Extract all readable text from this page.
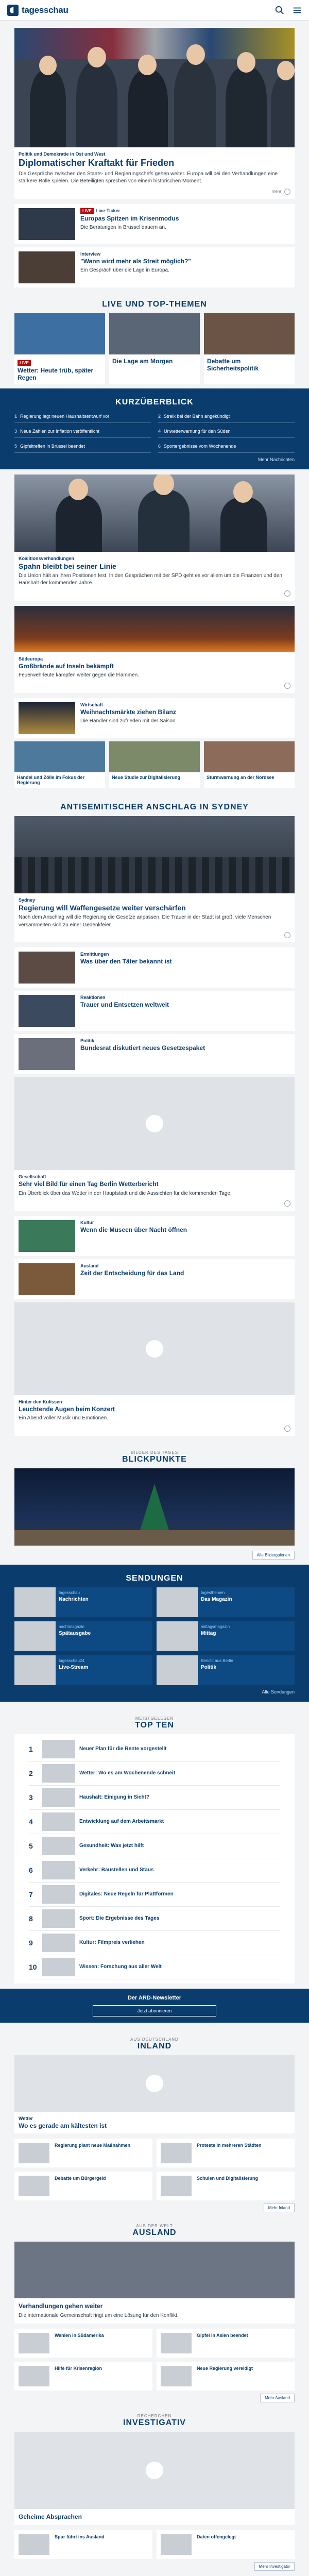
tagesschau
Politik und Demokratie in Ost und West
Diplomatischer Kraftakt für Frieden

Die Gespräche zwischen den Staats- und Regierungschefs gehen weiter. Europa will bei den Verhandlungen eine stärkere Rolle spielen. Die Beteiligten sprechen von einem historischen Moment.

mehr
LIVE Live-Ticker
Europas Spitzen im Krisenmodus
Die Beratungen in Brüssel dauern an.
Interview
"Wann wird mehr als Streit möglich?"
Ein Gespräch über die Lage in Europa.
LIVE UND TOP-THEMEN
LIVE
Wetter: Heute trüb, später Regen
Die Lage am Morgen	Debatte um Sicherheitspolitik
KURZÜBERBLICK
1 Regierung legt neuen Haushaltsentwurf vor	2 Streik bei der Bahn angekündigt
3 Neue Zahlen zur Inflation veröffentlicht	4 Unwetterwarnung für den Süden
5 Gipfeltreffen in Brüssel beendet	6 Sportergebnisse vom Wochenende
Mehr Nachrichten
Koalitionsverhandlungen
Spahn bleibt bei seiner Linie

Die Union hält an ihren Positionen fest. In den Gesprächen mit der SPD geht es vor allem um die Finanzen und den Haushalt der kommenden Jahre.

Südeuropa
Großbrände auf Inseln bekämpft

Feuerwehrleute kämpfen weiter gegen die Flammen.

Wirtschaft
Weihnachtsmärkte ziehen Bilanz
Die Händler sind zufrieden mit der Saison.
Handel und Zölle im Fokus der Regierung
Neue Studie zur Digitalisierung	Sturmwarnung an der Nordsee
ANTISEMITISCHER ANSCHLAG IN SYDNEY
Sydney
Regierung will Waffengesetze weiter verschärfen

Nach dem Anschlag will die Regierung die Gesetze anpassen. Die Trauer in der Stadt ist groß, viele Menschen versammelten sich zu einer Gedenkfeier.

Ermittlungen
Was über den Täter bekannt ist
Reaktionen
Trauer und Entsetzen weltweit
Politik
Bundesrat diskutiert neues Gesetzespaket
Gesellschaft
Sehr viel Bild für einen Tag Berlin Wetterbericht

Ein Überblick über das Wetter in der Hauptstadt und die Aussichten für die kommenden Tage.

Kultur
Wenn die Museen über Nacht öffnen
Ausland
Zeit der Entscheidung für das Land
Hinter den Kulissen
Leuchtende Augen beim Konzert

Ein Abend voller Musik und Emotionen.

BILDER DES TAGES
BLICKPUNKTE
Alle Bildergalerien
SENDUNGEN
tagesschau
Nachrichten
tagesthemen
Das Magazin
nachtmagazin
Spätausgabe
mittagsmagazin
Mittag
tagesschau24
Live-Stream
Bericht aus Berlin
Politik
Alle Sendungen
MEISTGELESEN
TOP TEN
1	Neuer Plan für die Rente vorgestellt
2	Wetter: Wo es am Wochenende schneit
3	Haushalt: Einigung in Sicht?
4	Entwicklung auf dem Arbeitsmarkt
5	Gesundheit: Was jetzt hilft
6	Verkehr: Baustellen und Staus
7	Digitales: Neue Regeln für Plattformen
8	Sport: Die Ergebnisse des Tages
9	Kultur: Filmpreis verliehen
10	Wissen: Forschung aus aller Welt
Der ARD-Newsletter
Jetzt abonnieren
AUS DEUTSCHLAND
INLAND
Wetter
Wo es gerade am kältesten ist
Regierung plant neue Maßnahmen	Proteste in mehreren Städten
Debatte um Bürgergeld	Schulen und Digitalisierung
Mehr Inland
AUS DER WELT
AUSLAND
Verhandlungen gehen weiter

Die internationale Gemeinschaft ringt um eine Lösung für den Konflikt.

Wahlen in Südamerika	Gipfel in Asien beendet
Hilfe für Krisenregion	Neue Regierung vereidigt
Mehr Ausland
RECHERCHEN
INVESTIGATIV
Geheime Absprachen
Spur führt ins Ausland	Daten offengelegt
Mehr Investigativ
